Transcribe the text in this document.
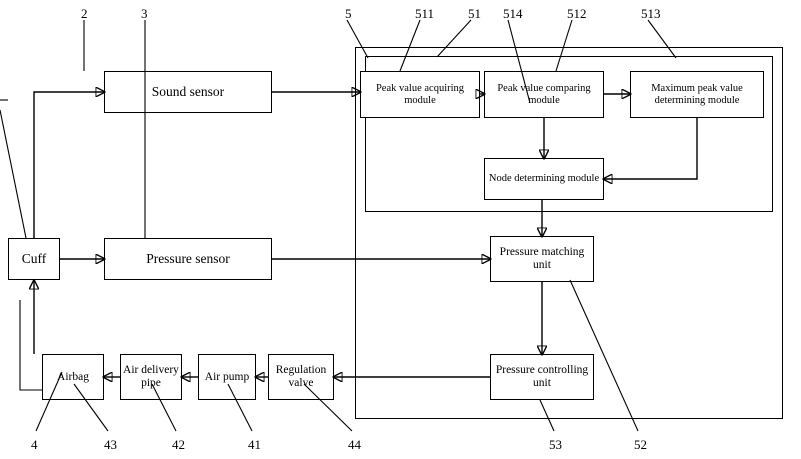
Cuff
Sound sensor
Pressure sensor
Peak value acquiring module
Peak value comparing module
Maximum peak value determining module
Node determining module
Pressure matching unit
Pressure controlling unit
Airbag
Air delivery pipe
Air pump
Regulation valve
2	3	5	511	51 514	512	513
4	43	42	41	44	53	52
